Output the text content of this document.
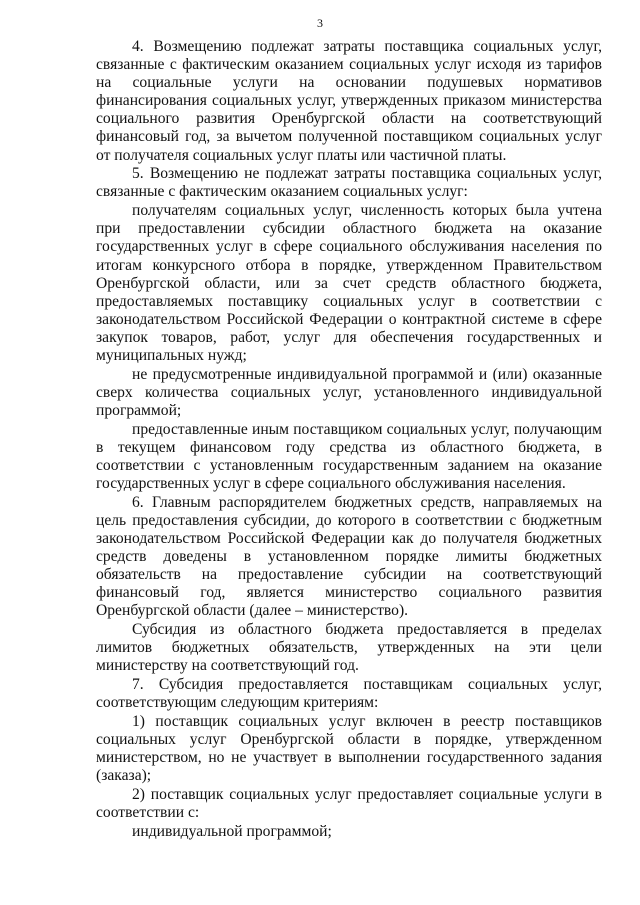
3

4. Возмещению подлежат затраты поставщика социальных услуг, связанные с фактическим оказанием социальных услуг исходя из тарифов на социальные услуги на основании подушевых нормативов финансирования социальных услуг, утвержденных приказом министерства социального развития Оренбургской области на соответствующий финансовый год, за вычетом полученной поставщиком социальных услуг от получателя социальных услуг платы или частичной платы.

5. Возмещению не подлежат затраты поставщика социальных услуг, связанные с фактическим оказанием социальных услуг:

получателям социальных услуг, численность которых была учтена при предоставлении субсидии областного бюджета на оказание государственных услуг в сфере социального обслуживания населения по итогам конкурсного отбора в порядке, утвержденном Правительством Оренбургской области, или за счет средств областного бюджета, предоставляемых поставщику социальных услуг в соответствии с законодательством Российской Федерации о контрактной системе в сфере закупок товаров, работ, услуг для обеспечения государственных и муниципальных нужд;

не предусмотренные индивидуальной программой и (или) оказанные сверх количества социальных услуг, установленного индивидуальной программой;

предоставленные иным поставщиком социальных услуг, получающим в текущем финансовом году средства из областного бюджета, в соответствии с установленным государственным заданием на оказание государственных услуг в сфере социального обслуживания населения.

6. Главным распорядителем бюджетных средств, направляемых на цель предоставления субсидии, до которого в соответствии с бюджетным законодательством Российской Федерации как до получателя бюджетных средств доведены в установленном порядке лимиты бюджетных обязательств на предоставление субсидии на соответствующий финансовый год, является министерство социального развития Оренбургской области (далее – министерство).

Субсидия из областного бюджета предоставляется в пределах лимитов бюджетных обязательств, утвержденных на эти цели министерству на соответствующий год.

7. Субсидия предоставляется поставщикам социальных услуг, соответствующим следующим критериям:

1) поставщик социальных услуг включен в реестр поставщиков социальных услуг Оренбургской области в порядке, утвержденном министерством, но не участвует в выполнении государственного задания (заказа);

2) поставщик социальных услуг предоставляет социальные услуги в соответствии с:

индивидуальной программой;
